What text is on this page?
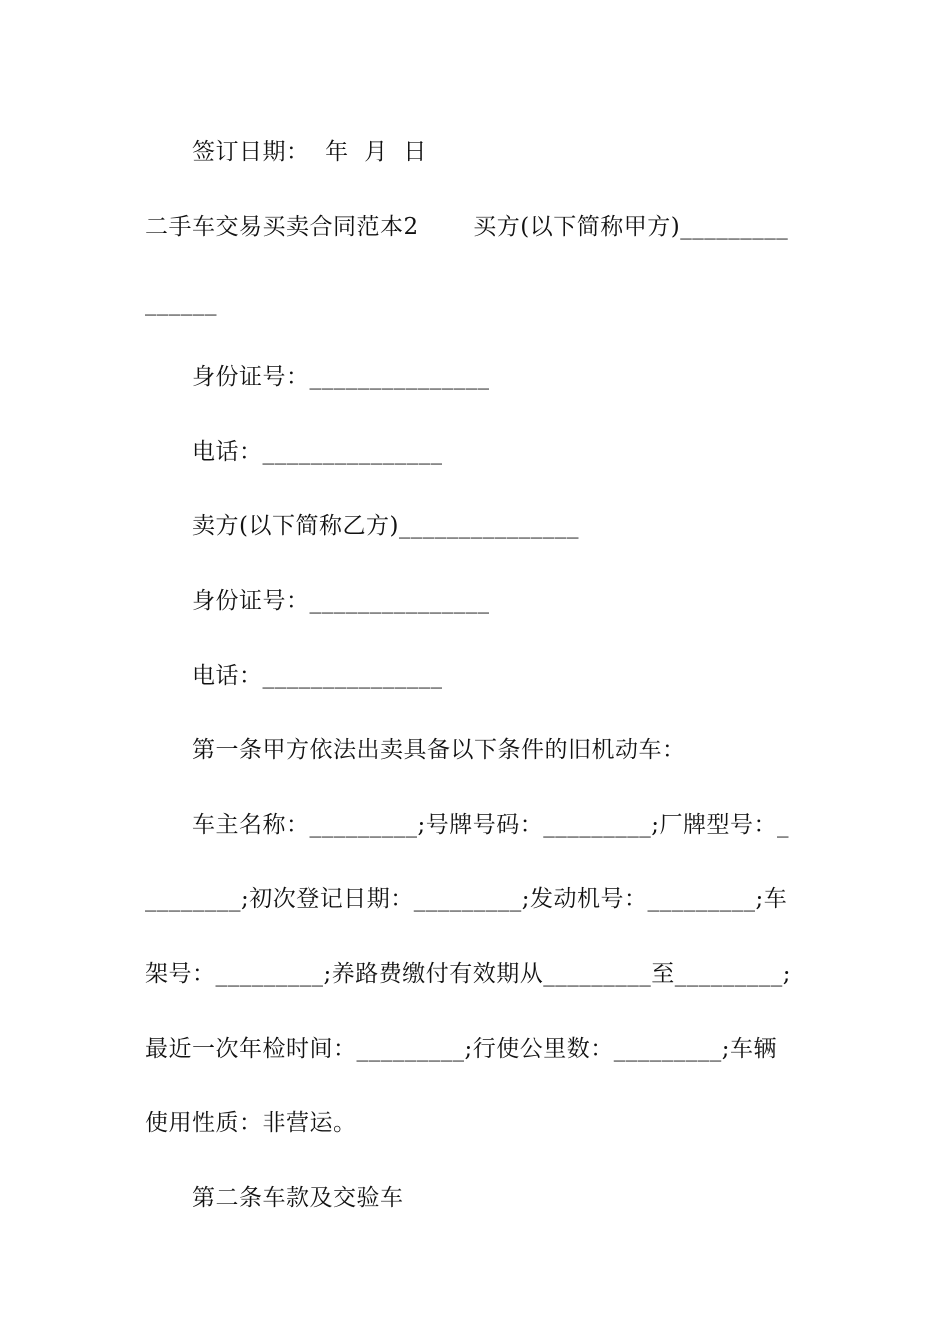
签订日期：  年  月  日
二手车交易买卖合同范本2       买方(以下简称甲方)_________
______
身份证号：_______________
电话：_______________
卖方(以下简称乙方)_______________
身份证号：_______________
电话：_______________
第一条甲方依法出卖具备以下条件的旧机动车：
车主名称：_________;号牌号码：_________;厂牌型号：_
________;初次登记日期：_________;发动机号：_________;车
架号：_________;养路费缴付有效期从_________至_________;
最近一次年检时间：_________;行使公里数：_________;车辆
使用性质：非营运。
第二条车款及交验车
